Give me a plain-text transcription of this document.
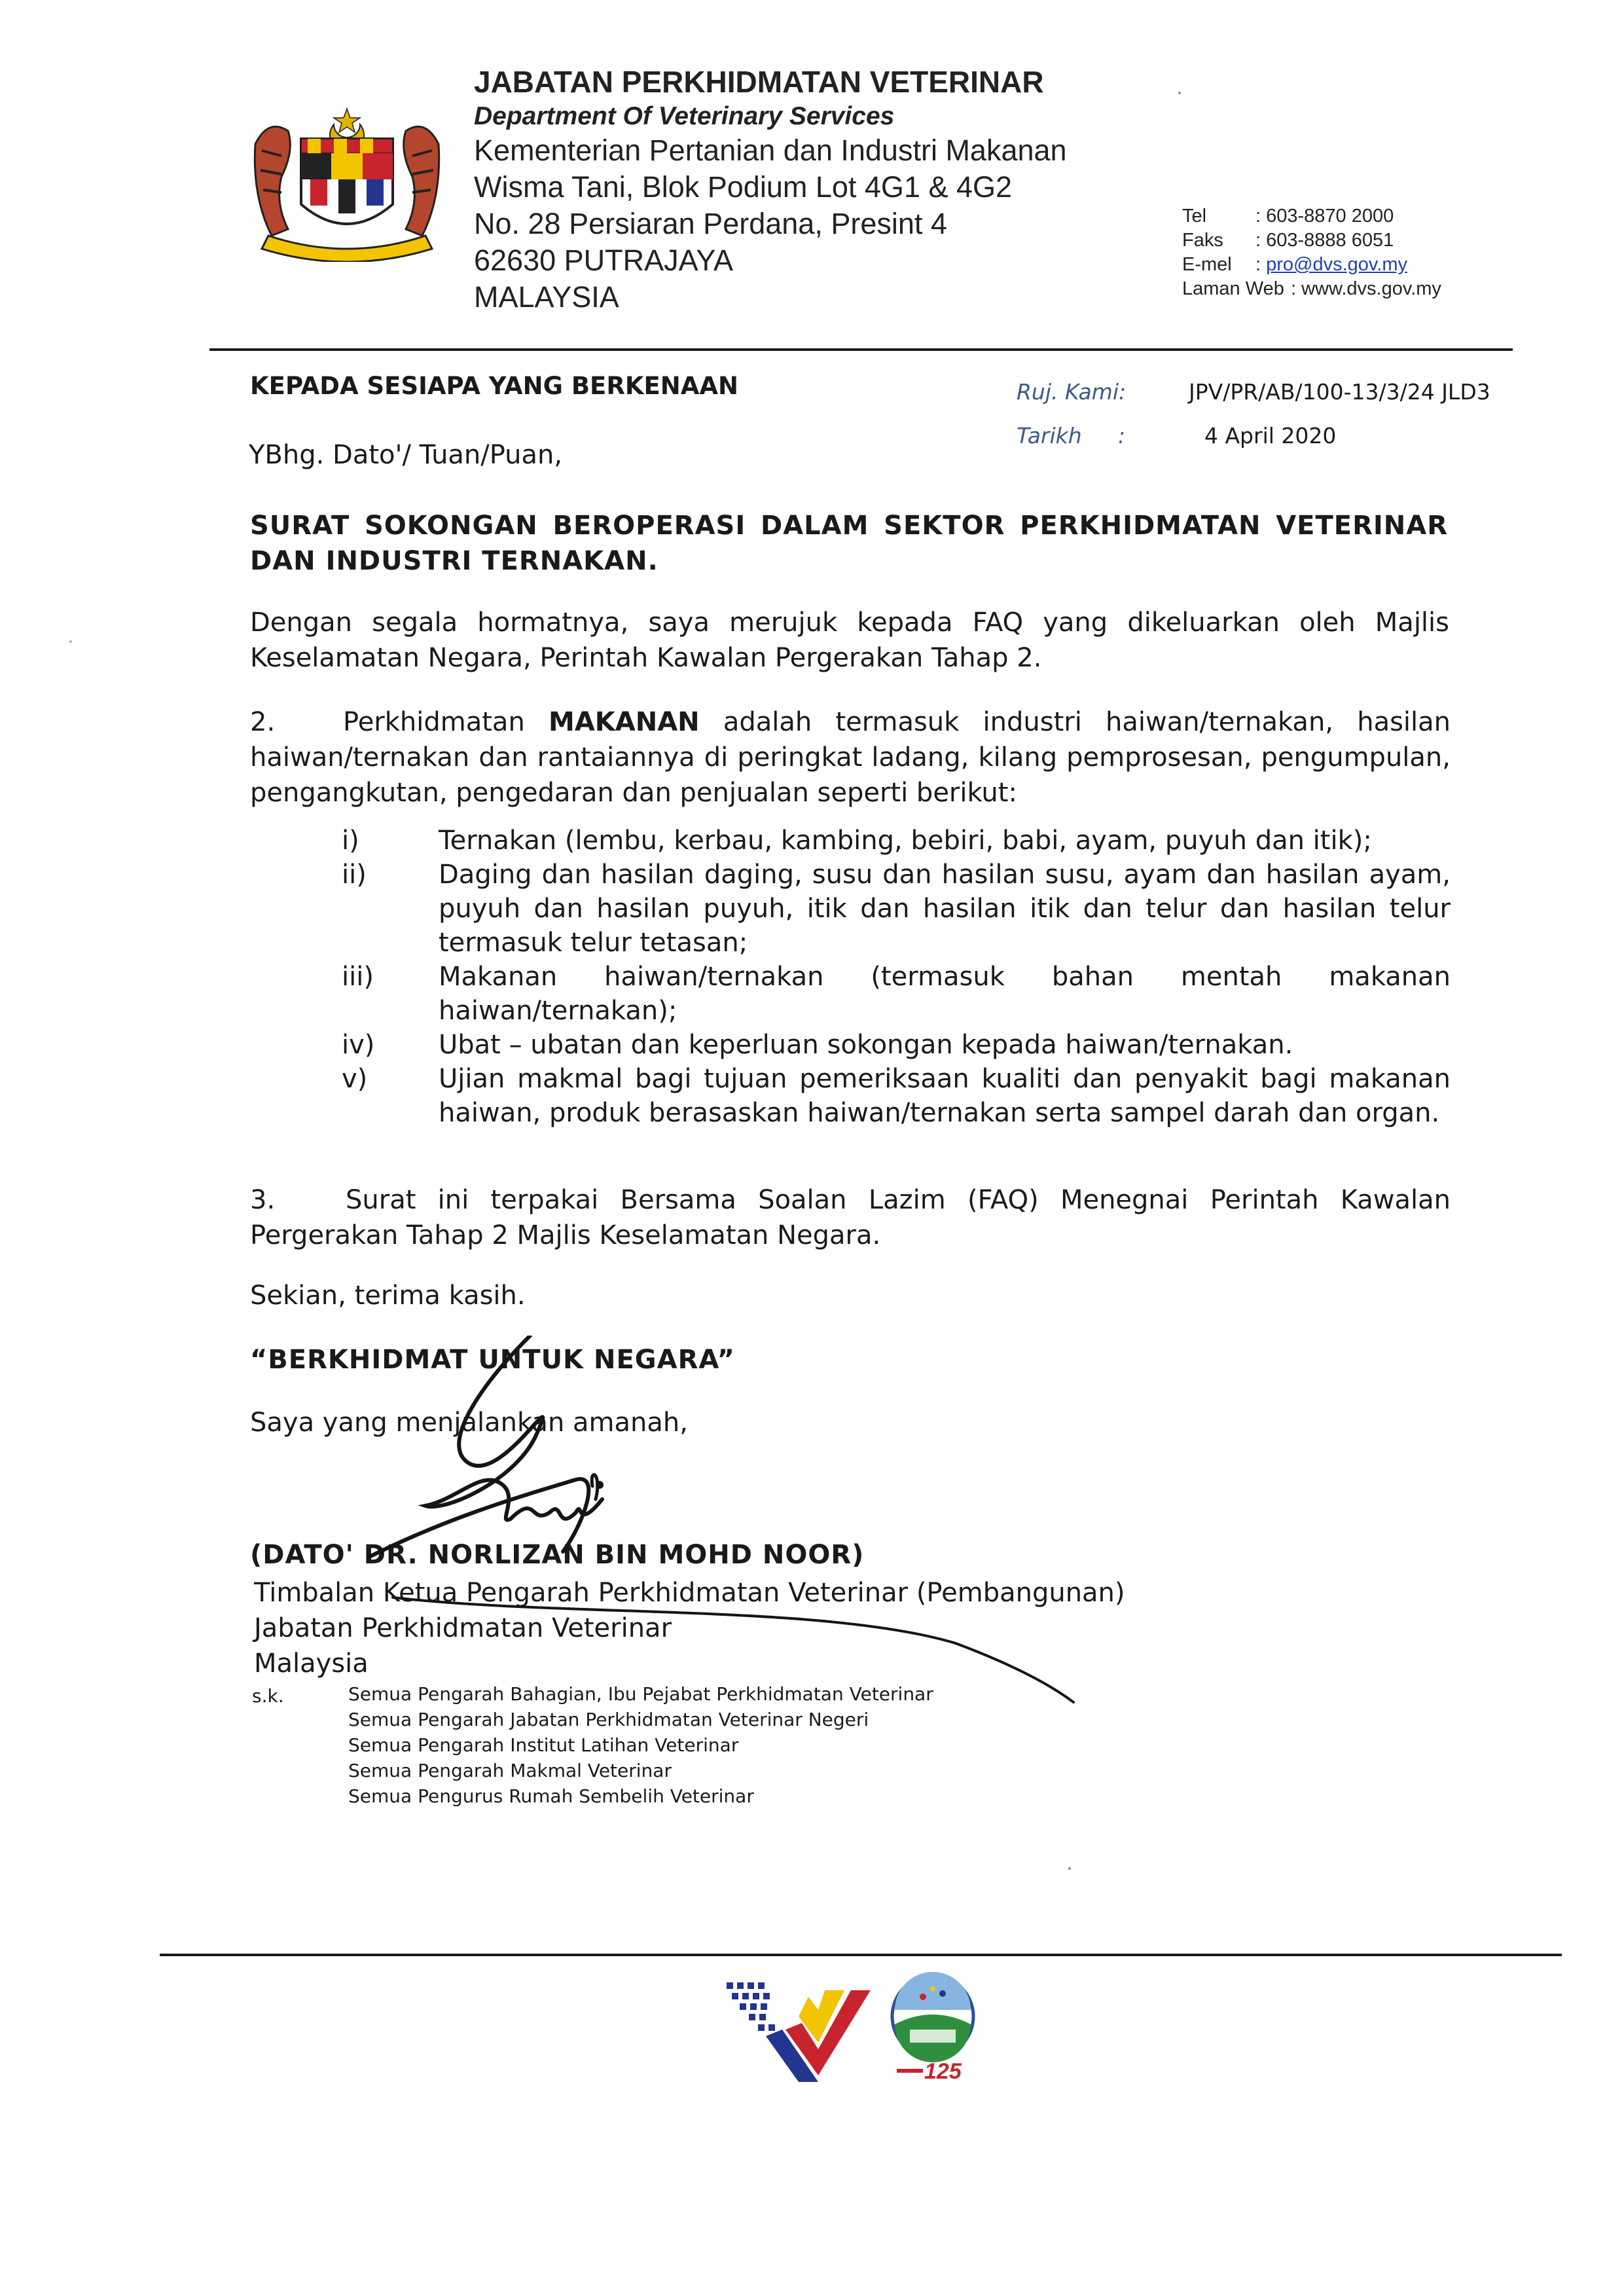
JABATAN PERKHIDMATAN VETERINAR
Department Of Veterinary Services
Kementerian Pertanian dan Industri Makanan
Wisma Tani, Blok Podium Lot 4G1 & 4G2
No. 28 Persiaran Perdana, Presint 4
62630 PUTRAJAYA
MALAYSIA
Tel	: 603-8870 2000
Faks : 603-8888 6051
E-mel : pro@dvs.gov.my
Laman Web : www.dvs.gov.my
KEPADA SESIAPA YANG BERKENAAN	Ruj. Kami:	JPV/PR/AB/100-13/3/24 JLD3
Tarikh :	4 April 2020
YBhg. Dato'/ Tuan/Puan,
SURAT SOKONGAN BEROPERASI DALAM SEKTOR PERKHIDMATAN VETERINAR DAN INDUSTRI TERNAKAN.
Dengan segala hormatnya, saya merujuk kepada FAQ yang dikeluarkan oleh Majlis Keselamatan Negara, Perintah Kawalan Pergerakan Tahap 2.
2.	Perkhidmatan MAKANAN adalah termasuk industri haiwan/ternakan, hasilan haiwan/ternakan dan rantaiannya di peringkat ladang, kilang pemprosesan, pengumpulan, pengangkutan, pengedaran dan penjualan seperti berikut:
i)	Ternakan (lembu, kerbau, kambing, bebiri, babi, ayam, puyuh dan itik);
ii)	Daging dan hasilan daging, susu dan hasilan susu, ayam dan hasilan ayam, puyuh dan hasilan puyuh, itik dan hasilan itik dan telur dan hasilan telur termasuk telur tetasan;
iii)	Makanan haiwan/ternakan (termasuk bahan mentah makanan haiwan/ternakan);
iv)	Ubat – ubatan dan keperluan sokongan kepada haiwan/ternakan.
v)	Ujian makmal bagi tujuan pemeriksaan kualiti dan penyakit bagi makanan haiwan, produk berasaskan haiwan/ternakan serta sampel darah dan organ.
3.	Surat ini terpakai Bersama Soalan Lazim (FAQ) Menegnai Perintah Kawalan Pergerakan Tahap 2 Majlis Keselamatan Negara.
Sekian, terima kasih.
“BERKHIDMAT UNTUK NEGARA”
Saya yang menjalankan amanah,
(DATO' DR. NORLIZAN BIN MOHD NOOR)
Timbalan Ketua Pengarah Perkhidmatan Veterinar (Pembangunan)
Jabatan Perkhidmatan Veterinar
Malaysia
s.k.	Semua Pengarah Bahagian, Ibu Pejabat Perkhidmatan Veterinar
Semua Pengarah Jabatan Perkhidmatan Veterinar Negeri
Semua Pengarah Institut Latihan Veterinar
Semua Pengarah Makmal Veterinar
Semua Pengurus Rumah Sembelih Veterinar
125
